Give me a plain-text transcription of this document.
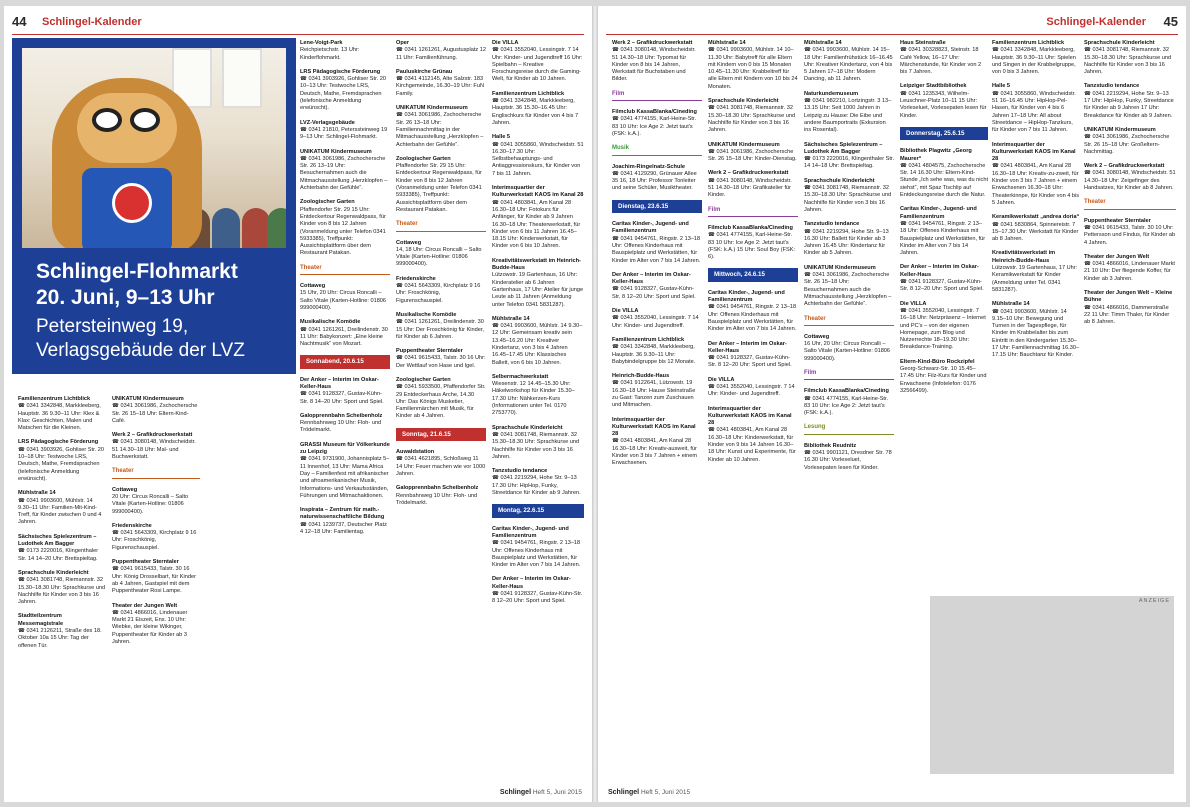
44 Schlingel-Kalender
Schlingel-Flohmarkt
20. Juni, 9–13 Uhr
Petersteinweg 19,
Verlagsgebäude der LVZ

Familienzentrum Lichtblick
☎ 0341 3342848, Markkleeberg, Hauptstr. 36 9.30–11 Uhr: Klex & Klax: Geschichten, Malen und Matschen für die Kleinen.

LRS Pädagogische Förderung
☎ 0341 3903926, Gohliser Str. 20 10–18 Uhr: Testwoche LRS, Deutsch, Mathe, Fremdsprachen (telefonische Anmeldung erwünscht).

Mühlstraße 14
☎ 0341 9903600, Mühlstr. 14 9.30–11 Uhr: Familien-Mit-Kind-Treff, für Kinder zwischen 0 und 4 Jahren.

Sächsisches Spielezentrum – Ludothek Am Bagger
☎ 0173 2220016, Klingenthaler Str. 14 14–20 Uhr: Brettspieltag.

Sprachschule Kinderleicht
☎ 0341 3081748, Riemannstr. 32 15.30–18.30 Uhr: Sprachkurse und Nachhilfe für Kinder von 3 bis 16 Jahren.

Stadtteilzentrum Messemagistrale
☎ 0341 2126211, Straße des 18. Oktober 10a 15 Uhr: Tag der offenen Tür.

UNIKATUM Kindermuseum
☎ 0341 3061986, Zschochersche Str. 26 15–18 Uhr: Eltern-Kind-Café.

Werk 2 – Grafikdruckwerkstatt
☎ 0341 3080148, Windscheidstr. 51 14.30–18 Uhr: Mal- und Buchwerkstatt.

Theater

Cottaweg
20 Uhr: Circus Roncalli – Salto Vitale (Karten-Hotline: 01806 999000400).

Friedenskirche
☎ 0341 5643309, Kirchplatz 9 16 Uhr: Froschkönig, Figurenschauspiel.

Puppentheater Sterntaler
☎ 0341 9615433, Talstr. 30 16 Uhr: König Drosselbart, für Kinder ab 4 Jahren, Gastspiel mit dem Puppentheater Rosi Lampe.

Theater der Jungen Welt
☎ 0341 4866016, Lindenauer Markt 21 Eiszeit, Ens. 10 Uhr: Wiebke, der kleine Wikinger, Puppentheater für Kinder ab 3 Jahren.

Lene-Voigt-Park
Reichpietschstr. 13 Uhr: Kinderflohmarkt.

LRS Pädagogische Förderung
☎ 0341 3903926, Gohliser Str. 20 10–13 Uhr: Testwoche LRS, Deutsch, Mathe, Fremdsprachen (telefonische Anmeldung erwünscht).

LVZ-Verlagsgebäude
☎ 0341 21810, Peterssteinweg 19 9–13 Uhr: Schlingel-Flohmarkt.

UNIKATUM Kindermuseum
☎ 0341 3061986, Zschochersche Str. 26 13–19 Uhr: Besuchernahmen auch die Mitmachausstellung „Herzklopfen – Achterbahn der Gefühle“.

Zoologischer Garten
Pfaffendorfer Str. 29 15 Uhr: Entdeckertour Regenwaldpass, für Kinder von 8 bis 12 Jahren (Voranmeldung unter Telefon 0341 5933385), Treffpunkt: Aussichtsplattform über dem Restaurant Patakan.

Theater

Cottaweg
15 Uhr, 20 Uhr: Circus Roncalli – Salto Vitale (Karten-Hotline: 01806 999000400).

Musikalische Komödie
☎ 0341 1261261, Dreilindenstr. 30 11 Uhr: Babykonzert: „Eine kleine Nachtmusik“ von Mozart.

Sonnabend, 20.6.15

Der Anker – Interim im Oskar-Keller-Haus
☎ 0341 9128327, Gustav-Kühn-Str. 8 14–20 Uhr: Sport und Spiel.

Galopprennbahn Scheibenholz
Rennbahnweg 10 Uhr: Floh- und Trödelmarkt.

GRASSI Museum für Völkerkunde zu Leipzig
☎ 0341 9731900, Johannisplatz 5–11 Innenhof, 13 Uhr: Mama Africa Day – Familienfest mit afrikanischer und afroamerikanischer Musik, Informations- und Verkaufsständen, Führungen und Mitmachaktionen.

Inspirata – Zentrum für math.-naturwissenschaftliche Bildung
☎ 0341 1239737, Deutscher Platz 4 12–18 Uhr: Familientag.

Oper
☎ 0341 1261261, Augustusplatz 12 11 Uhr: Familienführung.

Pauluskirche Grünau
☎ 0341 4112145, Alte Salzstr. 183 Kirchgemeinde, 16.30–19 Uhr: FuN Family.

UNIKATUM Kindermuseum
☎ 0341 3061986, Zschochersche Str. 26 13–18 Uhr: Familiennachmittag in der Mitmachausstellung „Herzklopfen – Achterbahn der Gefühle“.

Zoologischer Garten
Pfaffendorfer Str. 29 15 Uhr: Entdeckertour Regenwaldpass, für Kinder von 8 bis 12 Jahren (Voranmeldung unter Telefon 0341 5933385), Treffpunkt: Aussichtsplattform über dem Restaurant Patakan.

Theater

Cottaweg
14, 18 Uhr: Circus Roncalli – Salto Vitale (Karten-Hotline: 01806 999000400).

Friedenskirche
☎ 0341 5643309, Kirchplatz 9 16 Uhr: Froschkönig, Figurenschauspiel.

Musikalische Komödie
☎ 0341 1261261, Dreilindenstr. 30 15 Uhr: Der Froschkönig für Kinder, für Kinder ab 6 Jahren.

Puppentheater Sterntaler
☎ 0341 9615433, Talstr. 30 16 Uhr: Der Wettlauf von Hase und Igel.

Zoologischer Garten
☎ 0341 5933500, Pfaffendorfer Str. 29 Entdeckerhaus Arche, 14.30 Uhr: Das Königs Musketier, Familienmärchen mit Musik, für Kinder ab 4 Jahren.

Sonntag, 21.6.15

Auwaldstation
☎ 0341 4621895, Schloßweg 11 14 Uhr: Feuer machen wie vor 1000 Jahren.

Galopprennbahn Scheibenholz
Rennbahnweg 10 Uhr: Floh- und Trödelmarkt.

Die VILLA
☎ 0341 3552040, Lessingstr. 7 14 Uhr: Kinder- und Jugendtreff 16 Uhr: Spielbahn – Kreative Forschungsreise durch die Gaming-Welt, für Kinder ab 10 Jahren.

Familienzentrum Lichtblick
☎ 0341 3342848, Markkleeberg, Hauptstr. 36 15.30–16.45 Uhr: Englischkurs für Kinder von 4 bis 7 Jahren.

Halle 5
☎ 0341 3055860, Windscheidstr. 51 16.30–17.30 Uhr: Selbstbehauptungs- und Antiaggressionskurs, für Kinder von 7 bis 11 Jahren.

Interimsquartier der Kulturwerkstatt KAOS im Kanal 28
☎ 0341 4803841, Am Kanal 28 16.30–18 Uhr: Fotokurs für Anfänger, für Kinder ab 9 Jahren 16.30–18 Uhr: Theaterwerkstatt, für Kinder von 6 bis 11 Jahren 16.45–18.15 Uhr: Kinderwerkstatt, für Kinder von 6 bis 10 Jahren.

Kreativitätswerkstatt im Heinrich-Budde-Haus
Lützowstr. 19 Gartenhaus, 16 Uhr: Kinderatelier ab 6 Jahren Gartenhaus, 17 Uhr: Atelier für junge Leute ab 11 Jahren (Anmeldung unter Telefon 0341 5831287).

Mühlstraße 14
☎ 0341 9903600, Mühlstr. 14 9.30–12 Uhr: Gemeinsam kreativ sein 13.45–16.20 Uhr: Kreativer Kindertanz, von 3 bis 4 Jahren 16.45–17.45 Uhr: Klassisches Ballett, von 6 bis 10 Jahren.

Selbermachwerkstatt
Wiesenstr. 12 14.45–15.30 Uhr: Häkelworkshop für Kinder 15.30–17.30 Uhr: Nähkerzen-Kurs (Informationen unter Tel. 0170 2753770).

Sprachschule Kinderleicht
☎ 0341 3081748, Riemannstr. 32 15.30–18.30 Uhr: Sprachkurse und Nachhilfe für Kinder von 3 bis 16 Jahren.

Tanzstudio tendance
☎ 0341 2219294, Hohe Str. 9–13 17.30 Uhr: HipHop, Funky, Streetdance für Kinder ab 9 Jahren.

Montag, 22.6.15

Caritas Kinder-, Jugend- und Familienzentrum
☎ 0341 9454761, Ringstr. 2 13–18 Uhr: Offenes Kinderhaus mit Bauspielplatz und Werkstätten, für Kinder im Alter von 7 bis 14 Jahren.

Der Anker – Interim im Oskar-Keller-Haus
☎ 0341 9128327, Gustav-Kühn-Str. 8 12–20 Uhr: Sport und Spiel.

Schlingel Heft 5, Juni 2015
45
Schlingel-Kalender

Werk 2 – Grafikdruckwerkstatt
☎ 0341 3080148, Windscheidstr. 51 14.30–18 Uhr: Typomat für Kinder von 8 bis 14 Jahren, Werkstatt für Buchstaben und Bilder.

Film

Filmclub KassaBlanka/Cineding
☎ 0341 4774155, Karl-Heine-Str. 83 10 Uhr: Ice Age 2: Jetzt taut's (FSK: k.A.).

Musik

Joachim-Ringelnatz-Schule
☎ 0341 4129290, Grünauer Allee 35 16, 18 Uhr: Professor Tonleiter und seine Schüler, Musiktheater.

Dienstag, 23.6.15

Caritas Kinder-, Jugend- und Familienzentrum
☎ 0341 9454761, Ringstr. 2 13–18 Uhr: Offenes Kinderhaus mit Bauspielplatz und Werkstätten, für Kinder im Alter von 7 bis 14 Jahren.

Der Anker – Interim im Oskar-Keller-Haus
☎ 0341 9128327, Gustav-Kühn-Str. 8 12–20 Uhr: Sport und Spiel.

Die VILLA
☎ 0341 3552040, Lessingstr. 7 14 Uhr: Kinder- und Jugendtreff.

Familienzentrum Lichtblick
☎ 0341 3342848, Markkleeberg, Hauptstr. 36 9.30–11 Uhr: Babybindelgruppe bis 12 Monate.

Heinrich-Budde-Haus
☎ 0341 9122641, Lützowstr. 19 16.30–18 Uhr: Hause Steinstraße zu Gast: Tanzen zum Zuschauen und Mitmachen.

Interimsquartier der Kulturwerkstatt KAOS im Kanal 28
☎ 0341 4803841, Am Kanal 28 16.30–18 Uhr: Kreativ-ausweit, für Kinder von 3 bis 7 Jahren + einem Erwachsenen.

Mühlstraße 14
☎ 0341 9903600, Mühlstr. 14 10–11.30 Uhr: Babytreff für alle Eltern mit Kindern von 0 bis 15 Monaten 10.45–11.30 Uhr: Krabbeltreff für alle Eltern mit Kindern von 10 bis 24 Monaten.

Sprachschule Kinderleicht
☎ 0341 3081748, Riemannstr. 32 15.30–18.30 Uhr: Sprachkurse und Nachhilfe für Kinder von 3 bis 16 Jahren.

UNIKATUM Kindermuseum
☎ 0341 3061986, Zschochersche Str. 26 15–18 Uhr: Kinder-Dienstag.

Werk 2 – Grafikdruckwerkstatt
☎ 0341 3080148, Windscheidstr. 51 14.30–18 Uhr: Grafikatelier für Kinder.

Film

Filmclub KassaBlanka/Cineding
☎ 0341 4774155, Karl-Heine-Str. 83 10 Uhr: Ice Age 2: Jetzt taut's (FSK: k.A.) 15 Uhr: Soul Boy (FSK: 6).

Mittwoch, 24.6.15

Caritas Kinder-, Jugend- und Familienzentrum
☎ 0341 9454761, Ringstr. 2 13–18 Uhr: Offenes Kinderhaus mit Bauspielplatz und Werkstätten, für Kinder im Alter von 7 bis 14 Jahren.

Der Anker – Interim im Oskar-Keller-Haus
☎ 0341 9128327, Gustav-Kühn-Str. 8 12–20 Uhr: Sport und Spiel.

Die VILLA
☎ 0341 3552040, Lessingstr. 7 14 Uhr: Kinder- und Jugendtreff.

Interimsquartier der Kulturwerkstatt KAOS im Kanal 28
☎ 0341 4803841, Am Kanal 28 16.30–18 Uhr: Kinderwerkstatt, für Kinder von 9 bis 14 Jahren 16.30–18 Uhr: Kunst und Experimente, für Kinder ab 10 Jahren.

Mühlstraße 14
☎ 0341 9903600, Mühlstr. 14 15–18 Uhr: Familienfrühstück 16–16.45 Uhr: Kreativer Kindertanz, von 4 bis 5 Jahren 17–18 Uhr: Modern Dancing, ab 11 Jahren.

Naturkundemuseum
☎ 0341 982210, Lortzingstr. 3 13–13.15 Uhr: Seit 1000 Jahren in Leipzig zu Hause: Die Eibe und andere Baumportraits (Exkursion ins Rosental).

Sächsisches Spielezentrum – Ludothek Am Bagger
☎ 0173 2220016, Klingenthaler Str. 14 14–18 Uhr: Brettspieltag.

Sprachschule Kinderleicht
☎ 0341 3081748, Riemannstr. 32 15.30–18.30 Uhr: Sprachkurse und Nachhilfe für Kinder von 3 bis 16 Jahren.

Tanzstudio tendance
☎ 0341 2219294, Hohe Str. 9–13 16.30 Uhr: Ballett für Kinder ab 3 Jahren 16.45 Uhr: Kindertanz für Kinder ab 5 Jahren.

UNIKATUM Kindermuseum
☎ 0341 3061986, Zschochersche Str. 26 15–18 Uhr: Besuchernahmen auch die Mitmachausstellung „Herzklopfen – Achterbahn der Gefühle“.

Theater

Cottaweg
16 Uhr, 20 Uhr: Circus Roncalli – Salto Vitale (Karten-Hotline: 01806 999000400).

Film

Filmclub KassaBlanka/Cineding
☎ 0341 4774155, Karl-Heine-Str. 83 10 Uhr: Ice Age 2: Jetzt taut's (FSK: k.A.).

Lesung

Bibliothek Reudnitz
☎ 0341 9901121, Dresdner Str. 78 16.30 Uhr: Vorleseluet, Vorlesepaten lesen für Kinder.

Haus Steinstraße
☎ 0341 30328823, Steinstr. 18 Café Yellow, 16–17 Uhr: Märchenstunde, für Kinder von 2 bis 7 Jahren.

Leipziger Stadtbibliothek
☎ 0341 1235343, Wilhelm-Leuschner-Platz 10–11 15 Uhr: Vorleseluet, Vorlesepaten lesen für Kinder.

Donnerstag, 25.6.15

Bibliothek Plagwitz „Georg Maurer“
☎ 0341 4804575, Zschochersche Str. 14 16.30 Uhr: Eltern-Kind-Stunde „Ich sehe was, was du nicht siehst“, mit Spaz Tischlip auf Entdeckungsreise durch die Natur.

Caritas Kinder-, Jugend- und Familienzentrum
☎ 0341 9454761, Ringstr. 2 13–18 Uhr: Offenes Kinderhaus mit Bauspielplatz und Werkstätten, für Kinder im Alter von 7 bis 14 Jahren.

Der Anker – Interim im Oskar-Keller-Haus
☎ 0341 9128327, Gustav-Kühn-Str. 8 12–20 Uhr: Sport und Spiel.

Die VILLA
☎ 0341 3552040, Lessingstr. 7 16–18 Uhr: Netzpräsenz – Internet und PC's – von der eigenen Homepage, zum Blog und Nutzerrechte 18–19.30 Uhr: Breakdance-Training.

Eltern-Kind-Büro Rockzipfel
Georg-Schwarz-Str. 10 15.45–17.45 Uhr: Filz-Kurs für Kinder und Erwachsene (Infotelefon: 0176 32566499).

Familienzentrum Lichtblick
☎ 0341 3342848, Markkleeberg, Hauptstr. 36 9.30–11 Uhr: Spielen und Singen in der Krabbelgruppe, von 0 bis 3 Jahren.

Halle 5
☎ 0341 3055860, Windscheidstr. 51 16–16.45 Uhr: HipHop-Pel-Hasen, für Kinder von 4 bis 6 Jahren 17–18 Uhr: All about Streetdance – HipHop-Tanzkurs, für Kinder von 7 bis 11 Jahren.

Interimsquartier der Kulturwerkstatt KAOS im Kanal 28
☎ 0341 4803841, Am Kanal 28 16.30–18 Uhr: Kreativ-zu-zweit, für Kinder von 3 bis 7 Jahren + einem Erwachsenen 16.30–18 Uhr: Theaterkinnpe, für Kinder von 4 bis 5 Jahren.

Keramikwerkstatt „andrea doria“
☎ 0341 5830864, Spinnereistr. 7 15–17.30 Uhr: Werkstatt für Kinder ab 8 Jahren.

Kreativitätswerkstatt im Heinrich-Budde-Haus
Lützowstr. 19 Gartenhaus, 17 Uhr: Keramikwerkstatt für Kinder (Anmeldung unter Tel. 0341 5831287).

Mühlstraße 14
☎ 0341 9903600, Mühlstr. 14 9.15–10 Uhr: Bewegung und Turnen in der Tagespflege, für Kinder im Krabbelalter bis zum Eintritt in den Kindergarten 15.30–17 Uhr: Familiennachmittag 16.30–17.15 Uhr: Bauchtanz für Kinder.

Sprachschule Kinderleicht
☎ 0341 3081748, Riemannstr. 32 15.30–18.30 Uhr: Sprachkurse und Nachhilfe für Kinder von 3 bis 16 Jahren.

Tanzstudio tendance
☎ 0341 2219294, Hohe Str. 9–13 17 Uhr: HipHop, Funky, Streetdance für Kinder ab 9 Jahren 17 Uhr: Breakdance für Kinder ab 9 Jahren.

UNIKATUM Kindermuseum
☎ 0341 3061986, Zschochersche Str. 26 15–18 Uhr: Großeltern-Nachmittag.

Werk 2 – Grafikdruckwerkstatt
☎ 0341 3080148, Windscheidstr. 51 14.30–18 Uhr: Zeigefinger des Handsatzes, für Kinder ab 8 Jahren.

Theater

Puppentheater Sterntaler
☎ 0341 9615433, Talstr. 30 10 Uhr: Pettersson und Findus, für Kinder ab 4 Jahren.

Theater der Jungen Welt
☎ 0341 4866016, Lindenauer Markt 21 10 Uhr: Der fliegende Koffer, für Kinder ab 3 Jahren.

Theater der Jungen Welt – Kleine Bühne
☎ 0341 4866016, Dammerstraße 22 11 Uhr: Timm Thaler, für Kinder ab 8 Jahren.

ANZEIGE
Schlingel Heft 5, Juni 2015
